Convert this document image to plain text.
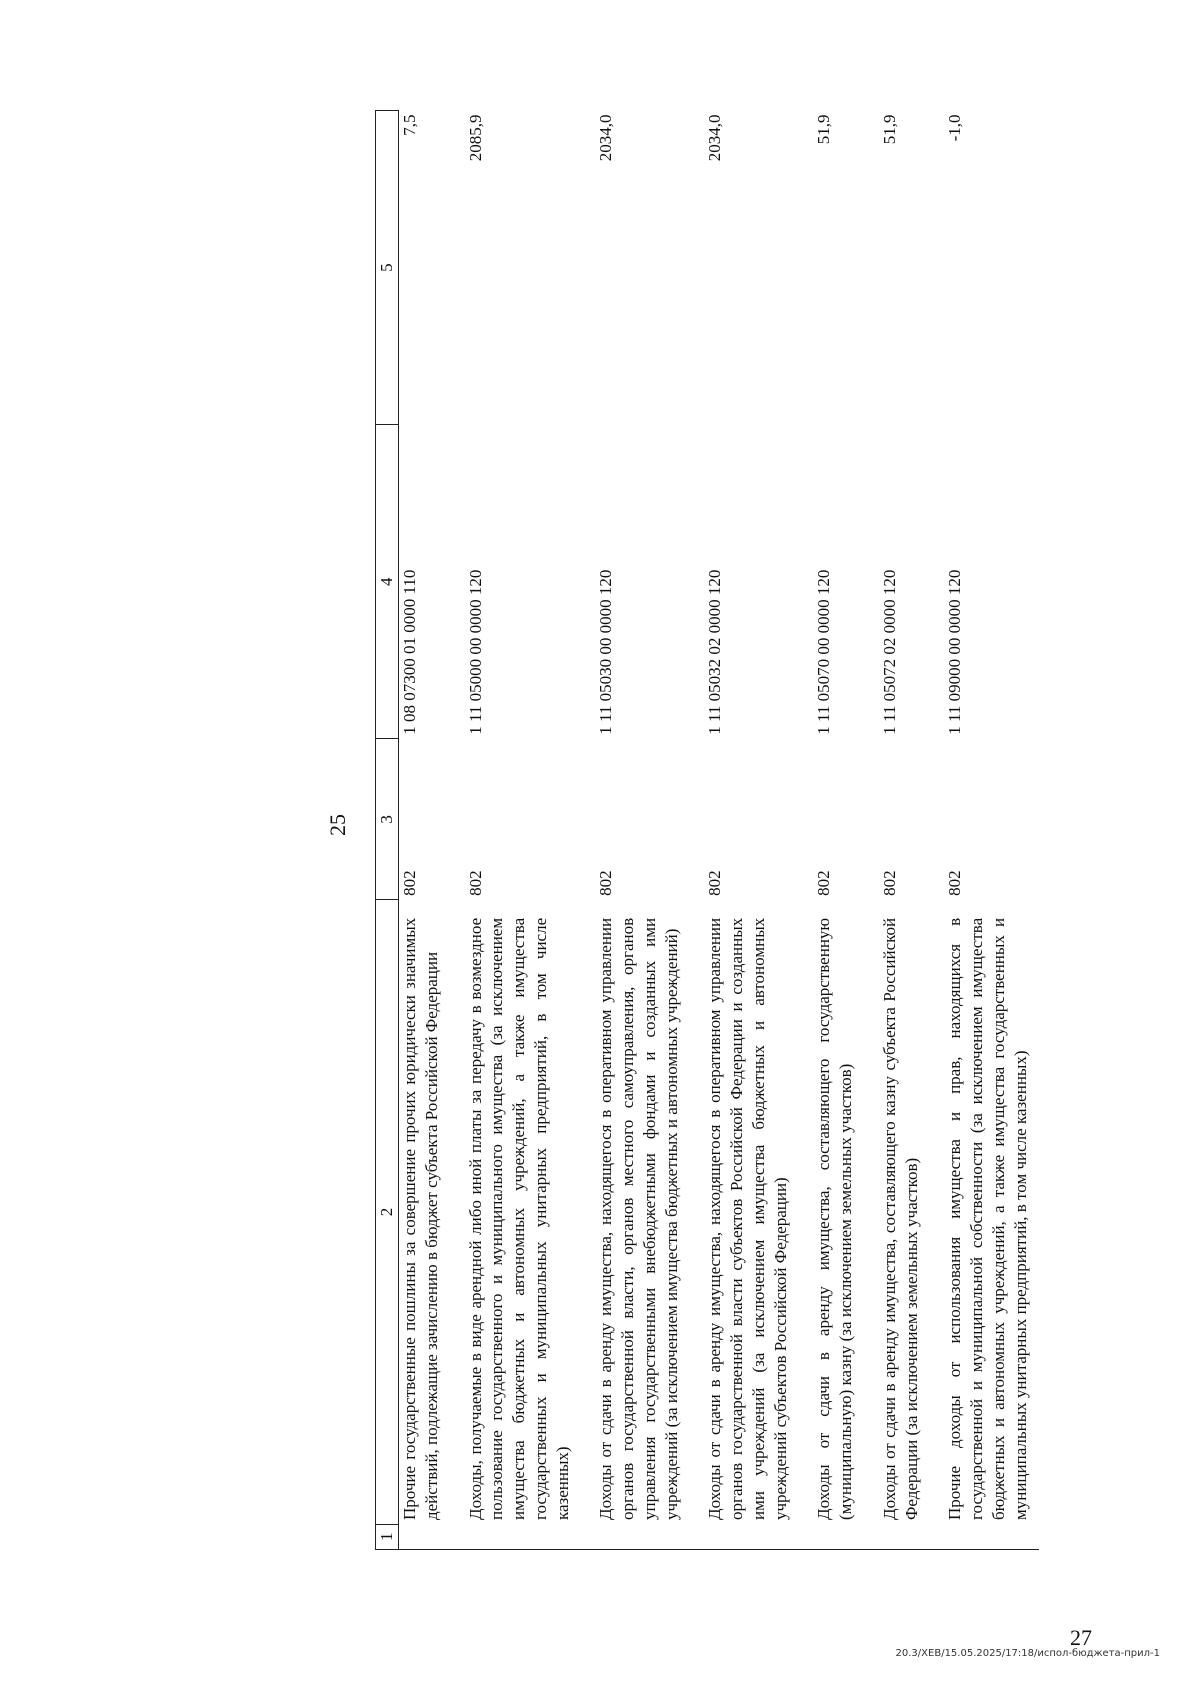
25
1	2	3	4	5
	Прочие государственные пошлины за совершение прочих юридически значимых действий, подлежащие зачислению в бюджет субъекта Российской Федерации	802	1 08 07300 01 0000 110	7,5
	Доходы, получаемые в виде арендной либо иной платы за передачу в возмездное пользование государственного и муниципального имущества (за исключением имущества бюджетных и автономных учреждений, а также имущества государственных и муниципальных унитарных предприятий, в том числе казенных)	802	1 11 05000 00 0000 120	2085,9
	Доходы от сдачи в аренду имущества, находящегося в оперативном управлении органов государственной власти, органов местного самоуправления, органов управления государственными внебюджетными фондами и созданных ими учреждений (за исключением имущества бюджетных и автономных учреждений)	802	1 11 05030 00 0000 120	2034,0
	Доходы от сдачи в аренду имущества, находящегося в оперативном управлении органов государственной власти субъектов Российской Федерации и созданных ими учреждений (за исключением имущества бюджетных и автономных учреждений субъектов Российской Федерации)	802	1 11 05032 02 0000 120	2034,0
	Доходы от сдачи в аренду имущества, составляющего государственную (муниципальную) казну (за исключением земельных участков)	802	1 11 05070 00 0000 120	51,9
	Доходы от сдачи в аренду имущества, составляющего казну субъекта Российской Федерации (за исключением земельных участков)	802	1 11 05072 02 0000 120	51,9
	Прочие доходы от использования имущества и прав, находящихся в государственной и муниципальной собственности (за исключением имущества бюджетных и автономных учреждений, а также имущества государственных и муниципальных унитарных предприятий, в том числе казенных)	802	1 11 09000 00 0000 120	-1,0
20.3/XEB/15.05.2025/17:18/испол-бюджета-прил-1
27
